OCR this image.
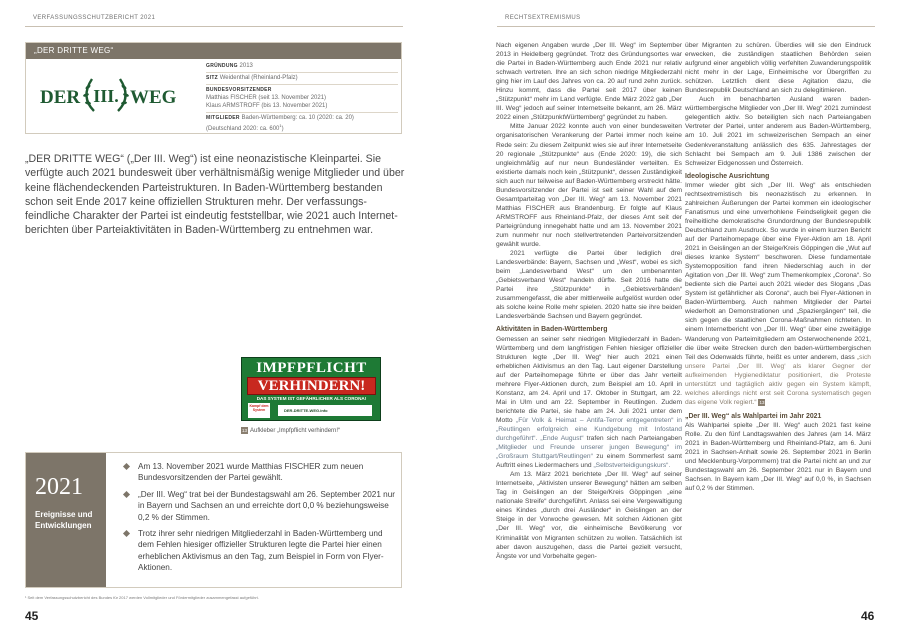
VERFASSUNGSSCHUTZBERICHT 2021	RECHTSEXTREMISMUS
„DER DRITTE WEG“
DER III. WEG
GRÜNDUNG 2013
SITZ Weidenthal (Rheinland-Pfalz)
BUNDESVORSITZENDER
Matthias FISCHER (seit 13. November 2021)
Klaus ARMSTROFF (bis 13. November 2021)
MITGLIEDER Baden-Württemberg: ca. 10 (2020: ca. 20)
(Deutschland 2020: ca. $600^1$)
„DER DRITTE WEG“ („Der III. Weg“) ist eine neonazistische Kleinpartei. Sie verfügte auch 2021 bundesweit über verhältnismäßig wenige Mitglieder und über keine flächendeckenden Parteistrukturen. In Baden-Württemberg bestanden schon seit Ende 2017 keine offiziellen Strukturen mehr. Der verfassungs-feindliche Charakter der Partei ist eindeutig feststellbar, wie 2021 auch Internet-berichten über Parteiaktivitäten in Baden-Württemberg zu entnehmen war.
IMPFPFLICHT
VERHINDERN!
DAS SYSTEM IST GEFÄHRLICHER ALS CORONA!
Kampf dem System	DER-DRITTE-WEG.info
13 Aufkleber „Impfpflicht verhindern!“
2021
Ereignisse und Entwicklungen
Am 13. November 2021 wurde Matthias FISCHER zum neuen Bundesvorsitzenden der Partei gewählt.
„Der III. Weg“ trat bei der Bundestagswahl am 26. September 2021 nur in Bayern und Sachsen an und erreichte dort 0,0 % beziehungsweise 0,2 % der Stimmen.
Trotz ihrer sehr niedrigen Mitgliederzahl in Baden-Württemberg und dem Fehlen hiesiger offizieller Strukturen legte die Partei hier einen erheblichen Aktivismus an den Tag, zum Beispiel in Form von Flyer-Aktionen.
¹ Seit dem Verfassungsschutzbericht des Bundes für 2017 werden Vollmitglieder und Fördermitglieder zusammengefasst aufgeführt.

Nach eigenen Angaben wurde „Der III. Weg“ im September 2013 in Heidelberg gegründet. Trotz des Gründungsortes war die Partei in Baden-Württemberg auch Ende 2021 nur relativ schwach vertreten. Ihre an sich schon niedrige Mitgliederzahl ging hier im Lauf des Jahres von ca. 20 auf rund zehn zurück. Hinzu kommt, dass die Partei seit 2017 über keinen „Stützpunkt“ mehr im Land verfügte. Ende März 2022 gab „Der III. Weg“ jedoch auf seiner Internetseite bekannt, am 26. März 2022 einen „StützpunktWürttemberg“ gegründet zu haben.

Mitte Januar 2022 konnte auch von einer bundesweiten organisatorischen Verankerung der Partei immer noch keine Rede sein: Zu diesem Zeitpunkt wies sie auf ihrer Internetseite 20 regionale „Stützpunkte“ aus (Ende 2020: 19), die sich ungleichmäßig auf nur neun Bundesländer verteilten. Es existierte damals noch kein „Stützpunkt“, dessen Zuständigkeit sich auch nur teilweise auf Baden-Württemberg erstreckt hätte. Bundesvorsitzender der Partei ist seit seiner Wahl auf dem Gesamtparteitag von „Der III. Weg“ am 13. November 2021 Matthias FISCHER aus Brandenburg. Er folgte auf Klaus ARMSTROFF aus Rheinland-Pfalz, der dieses Amt seit der Parteigründung innegehabt hatte und am 13. November 2021 zum nunmehr nur noch stellvertretenden Parteivorsitzenden gewählt wurde.

2021 verfügte die Partei über lediglich drei Landesverbände: Bayern, Sachsen und „West“, wobei es sich beim „Landesverband West“ um den umbenannten „Gebietsverband West“ handeln dürfte. Seit 2016 hatte die Partei ihre „Stützpunkte“ in „Gebietsverbänden“ zusammengefasst, die aber mittlerweile aufgelöst wurden oder als solche keine Rolle mehr spielen. 2020 hatte sie ihre beiden Landesverbände Sachsen und Bayern gegründet.

Aktivitäten in Baden-Württemberg

Gemessen an seiner sehr niedrigen Mitgliederzahl in Baden-Württemberg und dem langfristigen Fehlen hiesiger offizieller Strukturen legte „Der III. Weg“ hier auch 2021 einen erheblichen Aktivismus an den Tag. Laut eigener Darstellung auf der Parteihomepage führte er über das Jahr verteilt mehrere Flyer-Aktionen durch, zum Beispiel am 10. April in Konstanz, am 24. April und 17. Oktober in Stuttgart, am 22. Mai in Ulm und am 22. September in Reutlingen. Zudem berichtete die Partei, sie habe am 24. Juli 2021 unter dem Motto „Für Volk & Heimat – Antifa-Terror entgegentreten“ in „Reutlingen erfolgreich eine Kundgebung mit Infostand durchgeführt“. „Ende August“ trafen sich nach Parteiangaben „Mitglieder und Freunde unserer jungen Bewegung“ im „Großraum Stuttgart/Reutlingen“ zu einem Sommerfest samt Auftritt eines Liedermachers und „Selbstverteidigungskurs“.

Am 13. März 2021 berichtete „Der III. Weg“ auf seiner Internetseite, „Aktivisten unserer Bewegung“ hätten am selben Tag in Geislingen an der Steige/Kreis Göppingen „eine nationale Streife“ durchgeführt. Anlass sei eine Vergewaltigung eines Kindes „durch drei Ausländer“ in Geislingen an der Steige in der Vorwoche gewesen. Mit solchen Aktionen gibt „Der III. Weg“ vor, die einheimische Bevölkerung vor Kriminalität von Migranten schützen zu wollen. Tatsächlich ist aber davon auszugehen, dass die Partei gezielt versucht, Ängste vor und Vorbehalte gegen-

über Migranten zu schüren. Überdies will sie den Eindruck erwecken, die zuständigen staatlichen Behörden seien aufgrund einer angeblich völlig verfehlten Zuwanderungspolitik nicht mehr in der Lage, Einheimische vor Übergriffen zu schützen. Letztlich dient diese Agitation dazu, die Bundesrepublik Deutschland an sich zu delegitimieren.

Auch im benachbarten Ausland waren baden-württembergische Mitglieder von „Der III. Weg“ 2021 zumindest gelegentlich aktiv. So beteiligten sich nach Parteiangaben Vertreter der Partei, unter anderem aus Baden-Württemberg, am 10. Juli 2021 im schweizerischen Sempach an einer Gedenkveranstaltung anlässlich des 635. Jahrestages der Schlacht bei Sempach am 9. Juli 1386 zwischen der Schweizer Eidgenossen und Österreich.

Ideologische Ausrichtung

Immer wieder gibt sich „Der III. Weg“ als entschieden rechtsextremistisch bis neonazistisch zu erkennen. In zahlreichen Äußerungen der Partei kommen ein ideologischer Fanatismus und eine unverhohlene Feindseligkeit gegen die freiheitliche demokratische Grundordnung der Bundesrepublik Deutschland zum Ausdruck. So wurde in einem kurzen Bericht auf der Parteihomepage über eine Flyer-Aktion am 18. April 2021 in Geislingen an der Steige/Kreis Göppingen die „Wut auf dieses kranke System“ beschworen. Diese fundamentale Systemopposition fand ihren Niederschlag auch in der Agitation von „Der III. Weg“ zum Themenkomplex „Corona“. So bediente sich die Partei auch 2021 wieder des Slogans „Das System ist gefährlicher als Corona“, auch bei Flyer-Aktionen in Baden-Württemberg. Auch nahmen Mitglieder der Partei wiederholt an Demonstrationen und „Spaziergängen“ teil, die sich gegen die staatlichen Corona-Maßnahmen richteten. In einem Internetbericht von „Der III. Weg“ über eine zweitägige Wanderung von Parteimitgliedern am Osterwochenende 2021, die über weite Strecken durch den baden-württembergischen Teil des Odenwalds führte, heißt es unter anderem, dass „sich unsere Partei ‚Der III. Weg‘ als klarer Gegner der aufkeimenden Hygienediktatur positioniert, die Proteste unterstützt und tagtäglich aktiv gegen ein System kämpft, welches allerdings nicht erst seit Corona systematisch gegen das eigene Volk regiert.“ 13

„Der III. Weg“ als Wahlpartei im Jahr 2021

Als Wahlpartei spielte „Der III. Weg“ auch 2021 fast keine Rolle. Zu den fünf Landtagswahlen des Jahres (am 14. März 2021 in Baden-Württemberg und Rheinland-Pfalz, am 6. Juni 2021 in Sachsen-Anhalt sowie 26. September 2021 in Berlin und Mecklenburg-Vorpommern) trat die Partei nicht an und zur Bundestagswahl am 26. September 2021 nur in Bayern und Sachsen. In Bayern kam „Der III. Weg“ auf 0,0 %, in Sachsen auf 0,2 % der Stimmen.

45	46
